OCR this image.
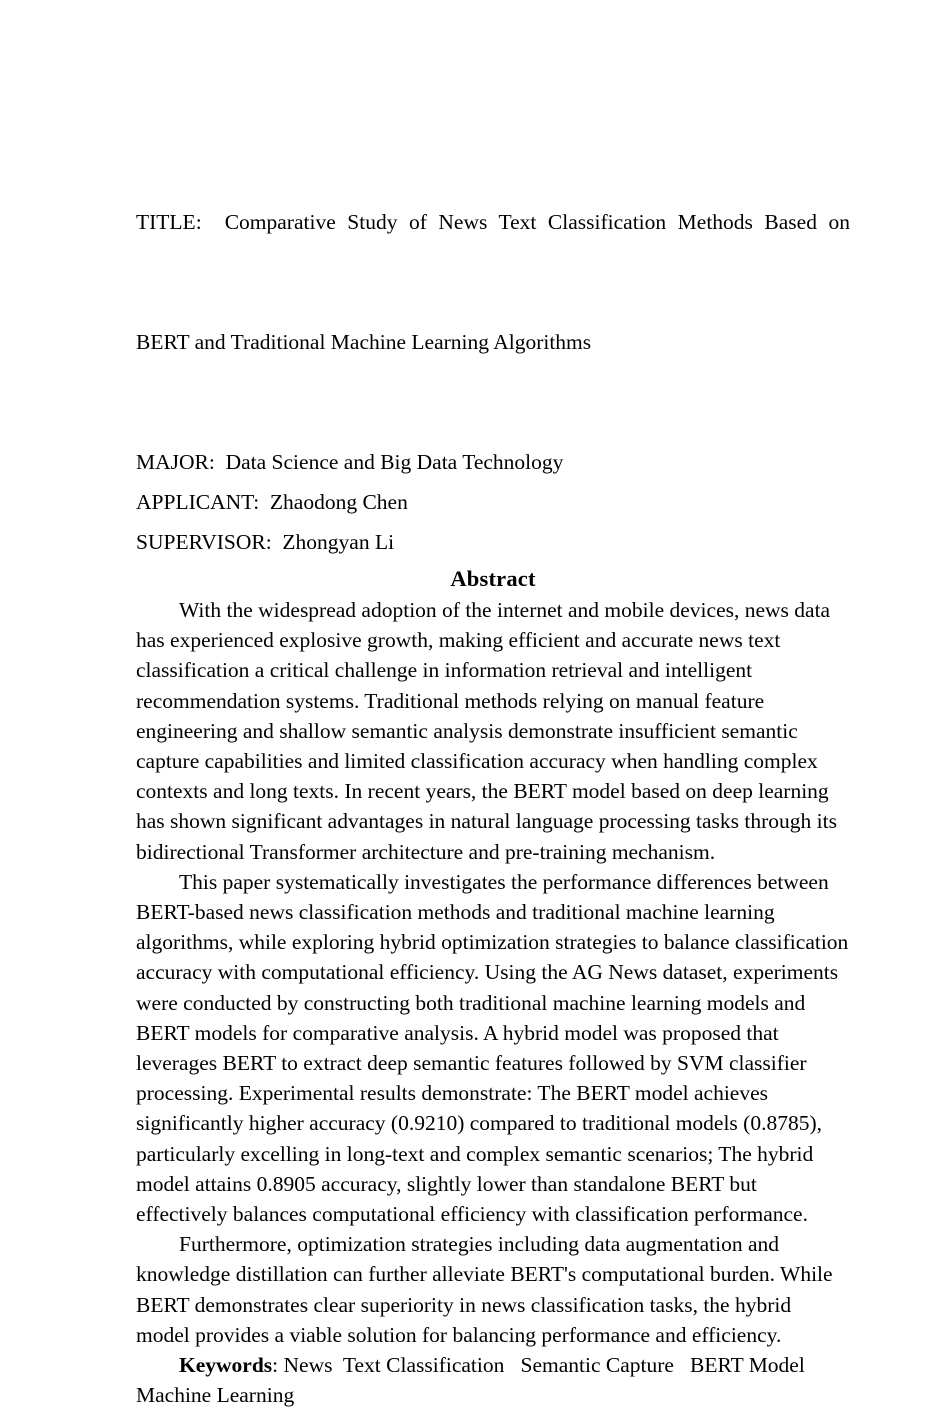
TITLE:  Comparative Study of News Text Classification Methods Based on

BERT and Traditional Machine Learning Algorithms

MAJOR:  Data Science and Big Data Technology
APPLICANT:  Zhaodong Chen
SUPERVISOR:  Zhongyan Li
Abstract

With the widespread adoption of the internet and mobile devices, news data has experienced explosive growth, making efficient and accurate news text classification a critical challenge in information retrieval and intelligent recommendation systems. Traditional methods relying on manual feature engineering and shallow semantic analysis demonstrate insufficient semantic capture capabilities and limited classification accuracy when handling complex contexts and long texts. In recent years, the BERT model based on deep learning has shown significant advantages in natural language processing tasks through its bidirectional Transformer architecture and pre-training mechanism.

This paper systematically investigates the performance differences between BERT-based news classification methods and traditional machine learning algorithms, while exploring hybrid optimization strategies to balance classification accuracy with computational efficiency. Using the AG News dataset, experiments were conducted by constructing both traditional machine learning models and BERT models for comparative analysis. A hybrid model was proposed that leverages BERT to extract deep semantic features followed by SVM classifier processing. Experimental results demonstrate: The BERT model achieves significantly higher accuracy (0.9210) compared to traditional models (0.8785), particularly excelling in long-text and complex semantic scenarios; The hybrid model attains 0.8905 accuracy, slightly lower than standalone BERT but effectively balances computational efficiency with classification performance.

Furthermore, optimization strategies including data augmentation and knowledge distillation can further alleviate BERT's computational burden. While BERT demonstrates clear superiority in news classification tasks, the hybrid model provides a viable solution for balancing performance and efficiency.

Keywords: News  Text Classification   Semantic Capture   BERT Model Machine Learning
